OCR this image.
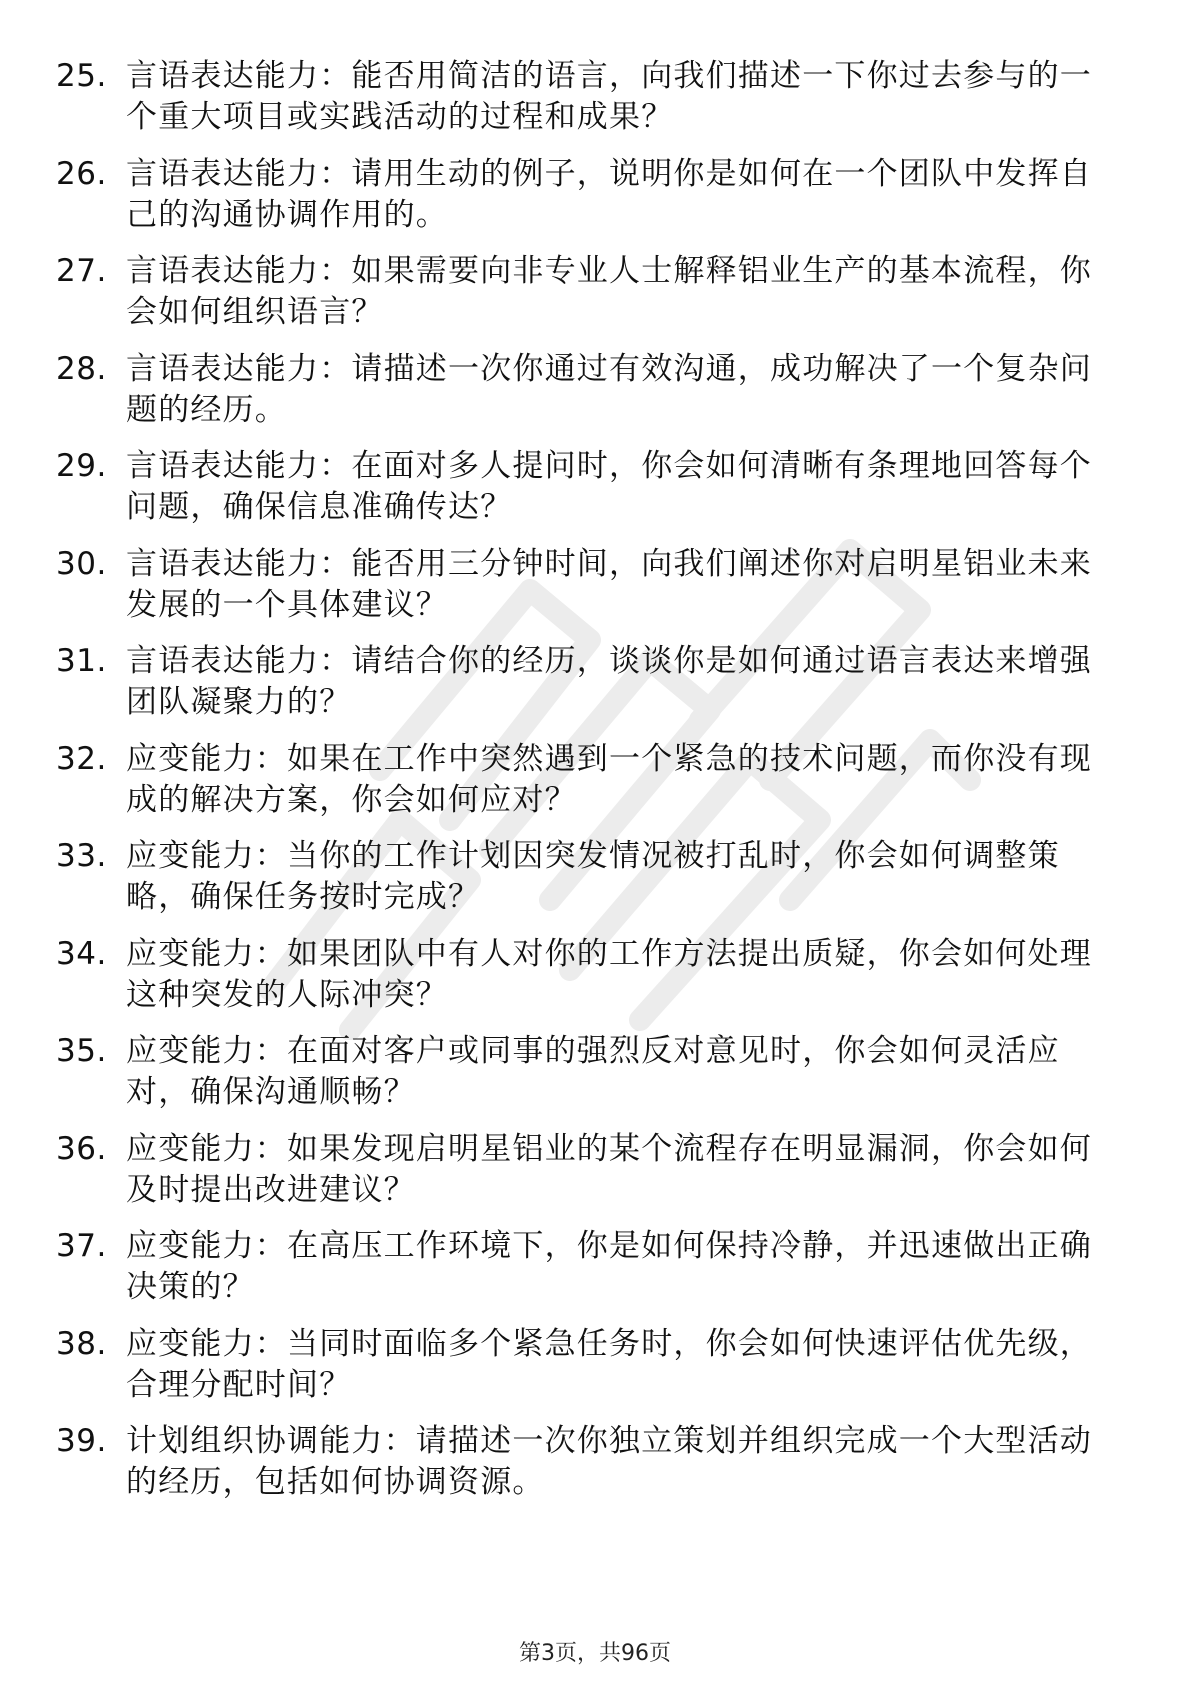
25. 言语表达能力：能否用简洁的语言，向我们描述一下你过去参与的一个重大项目或实践活动的过程和成果？
26. 言语表达能力：请用生动的例子，说明你是如何在一个团队中发挥自己的沟通协调作用的。
27. 言语表达能力：如果需要向非专业人士解释铝业生产的基本流程，你会如何组织语言？
28. 言语表达能力：请描述一次你通过有效沟通，成功解决了一个复杂问题的经历。
29. 言语表达能力：在面对多人提问时，你会如何清晰有条理地回答每个问题，确保信息准确传达？
30. 言语表达能力：能否用三分钟时间，向我们阐述你对启明星铝业未来发展的一个具体建议？
31. 言语表达能力：请结合你的经历，谈谈你是如何通过语言表达来增强团队凝聚力的？
32. 应变能力：如果在工作中突然遇到一个紧急的技术问题，而你没有现成的解决方案，你会如何应对？
33. 应变能力：当你的工作计划因突发情况被打乱时，你会如何调整策略，确保任务按时完成？
34. 应变能力：如果团队中有人对你的工作方法提出质疑，你会如何处理这种突发的人际冲突？
35. 应变能力：在面对客户或同事的强烈反对意见时，你会如何灵活应对，确保沟通顺畅？
36. 应变能力：如果发现启明星铝业的某个流程存在明显漏洞，你会如何及时提出改进建议？
37. 应变能力：在高压工作环境下，你是如何保持冷静，并迅速做出正确决策的？
38. 应变能力：当同时面临多个紧急任务时，你会如何快速评估优先级，合理分配时间？
39. 计划组织协调能力：请描述一次你独立策划并组织完成一个大型活动的经历，包括如何协调资源。
第3页，共96页
